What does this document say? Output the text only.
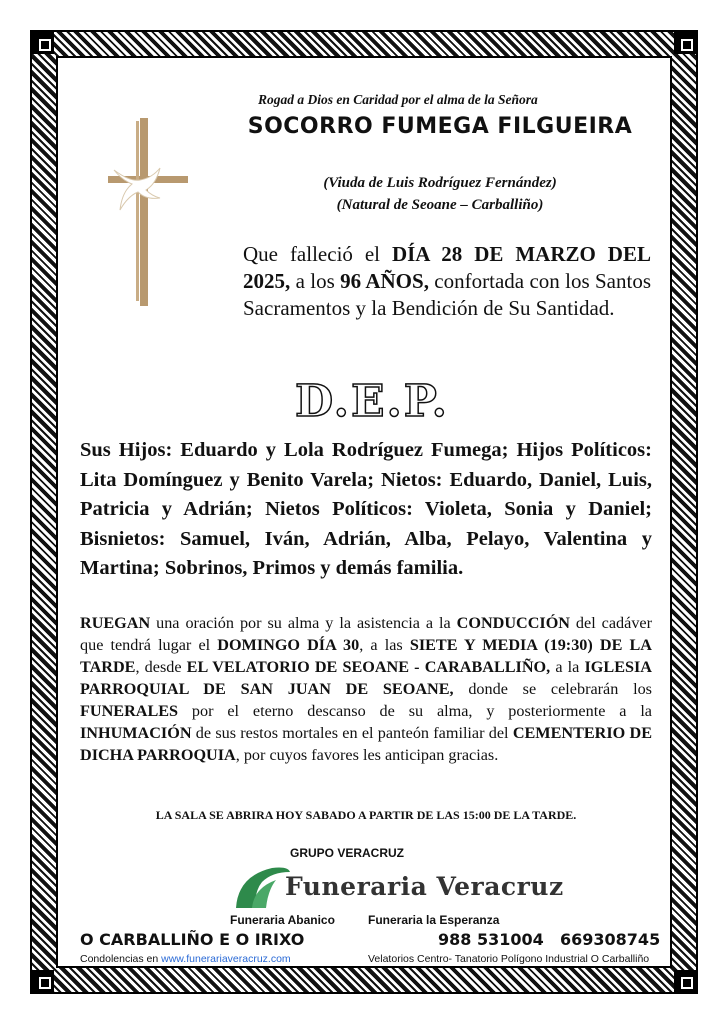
Rogad a Dios en Caridad por el alma de la Señora
SOCORRO FUMEGA FILGUEIRA
(Viuda de Luis Rodríguez Fernández)
(Natural de Seoane – Carballiño)
Que falleció el DÍA 28 DE MARZO DEL 2025, a los 96 AÑOS, confortada con los Santos Sacramentos y la Bendición de Su Santidad.
D.E.P.
Sus Hijos: Eduardo y Lola Rodríguez Fumega; Hijos Políticos: Lita Domínguez y Benito Varela; Nietos: Eduardo, Daniel, Luis, Patricia y Adrián; Nietos Políticos: Violeta, Sonia y Daniel; Bisnietos: Samuel, Iván, Adrián, Alba, Pelayo, Valentina y Martina; Sobrinos, Primos y demás familia.
RUEGAN una oración por su alma y la asistencia a la CONDUCCIÓN del cadáver que tendrá lugar el DOMINGO DÍA 30, a las SIETE Y MEDIA (19:30) DE LA TARDE, desde EL VELATORIO DE SEOANE - CARABALLIÑO, a la IGLESIA PARROQUIAL DE SAN JUAN DE SEOANE, donde se celebrarán los FUNERALES por el eterno descanso de su alma, y posteriormente a la INHUMACIÓN de sus restos mortales en el panteón familiar del CEMENTERIO DE DICHA PARROQUIA, por cuyos favores les anticipan gracias.
LA SALA SE ABRIRA HOY SABADO A PARTIR DE LAS 15:00 DE LA TARDE.
GRUPO VERACRUZ
Funeraria Veracruz
Funeraria Abanico	Funeraria la Esperanza
O CARBALLIÑO E O IRIXO	988 531004 669308745
Condolencias en www.funerariaveracruz.com	Velatorios Centro- Tanatorio Polígono Industrial O Carballiño
